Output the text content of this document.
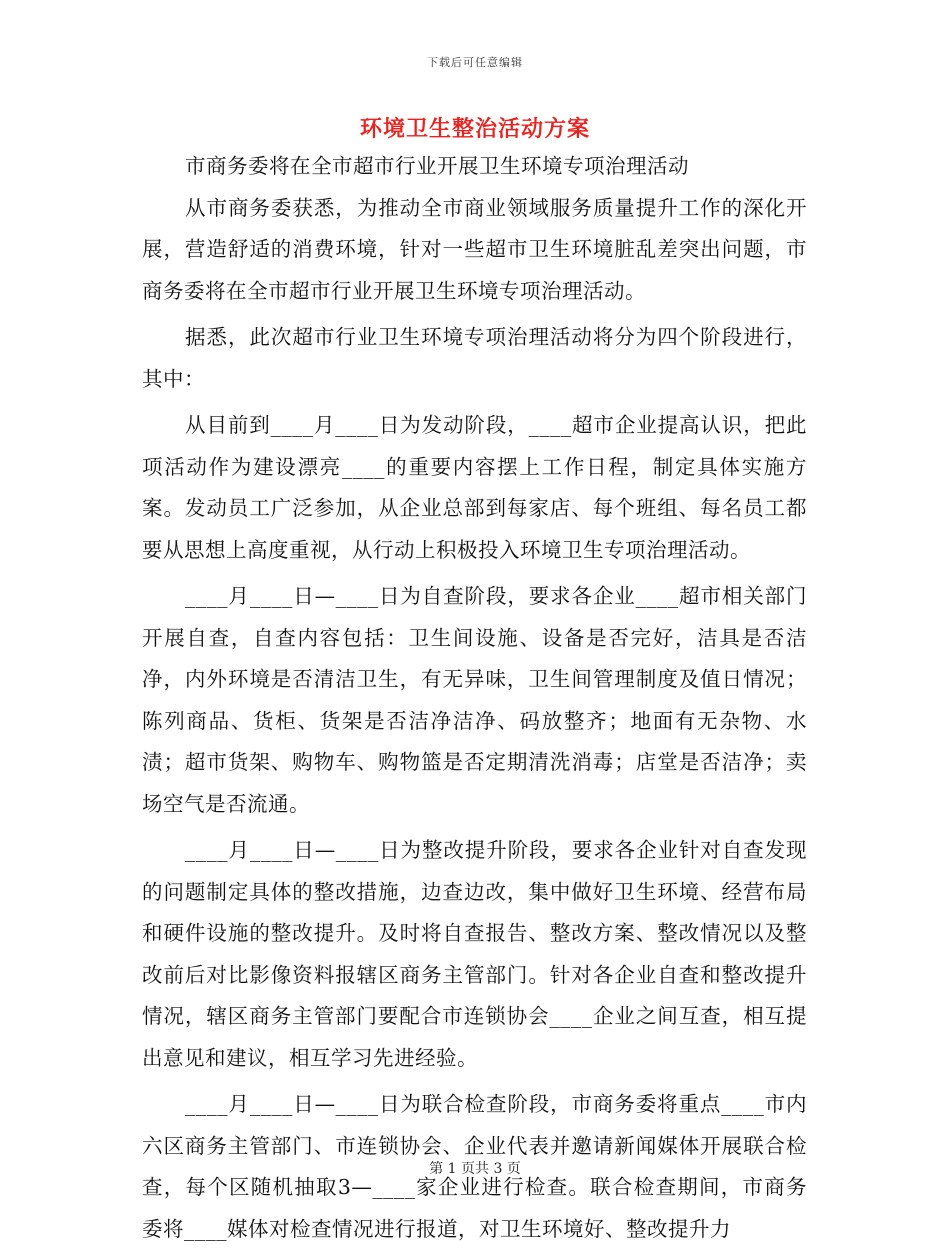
下载后可任意编辑
环境卫生整治活动方案

市商务委将在全市超市行业开展卫生环境专项治理活动

从市商务委获悉，为推动全市商业领域服务质量提升工作的深化开展，营造舒适的消费环境，针对一些超市卫生环境脏乱差突出问题，市商务委将在全市超市行业开展卫生环境专项治理活动。

据悉，此次超市行业卫生环境专项治理活动将分为四个阶段进行，其中：

从目前到____月____日为发动阶段，____超市企业提高认识，把此项活动作为建设漂亮____的重要内容摆上工作日程，制定具体实施方案。发动员工广泛参加，从企业总部到每家店、每个班组、每名员工都要从思想上高度重视，从行动上积极投入环境卫生专项治理活动。

____月____日—____日为自查阶段，要求各企业____超市相关部门开展自查，自查内容包括：卫生间设施、设备是否完好，洁具是否洁净，内外环境是否清洁卫生，有无异味，卫生间管理制度及值日情况；陈列商品、货柜、货架是否洁净洁净、码放整齐；地面有无杂物、水渍；超市货架、购物车、购物篮是否定期清洗消毒；店堂是否洁净；卖场空气是否流通。

____月____日—____日为整改提升阶段，要求各企业针对自查发现的问题制定具体的整改措施，边查边改，集中做好卫生环境、经营布局和硬件设施的整改提升。及时将自查报告、整改方案、整改情况以及整改前后对比影像资料报辖区商务主管部门。针对各企业自查和整改提升情况，辖区商务主管部门要配合市连锁协会____企业之间互查，相互提出意见和建议，相互学习先进经验。

____月____日—____日为联合检查阶段，市商务委将重点____市内六区商务主管部门、市连锁协会、企业代表并邀请新闻媒体开展联合检查，每个区随机抽取3—____家企业进行检查。联合检查期间，市商务委将____媒体对检查情况进行报道，对卫生环境好、整改提升力

第 1 页共 3 页
